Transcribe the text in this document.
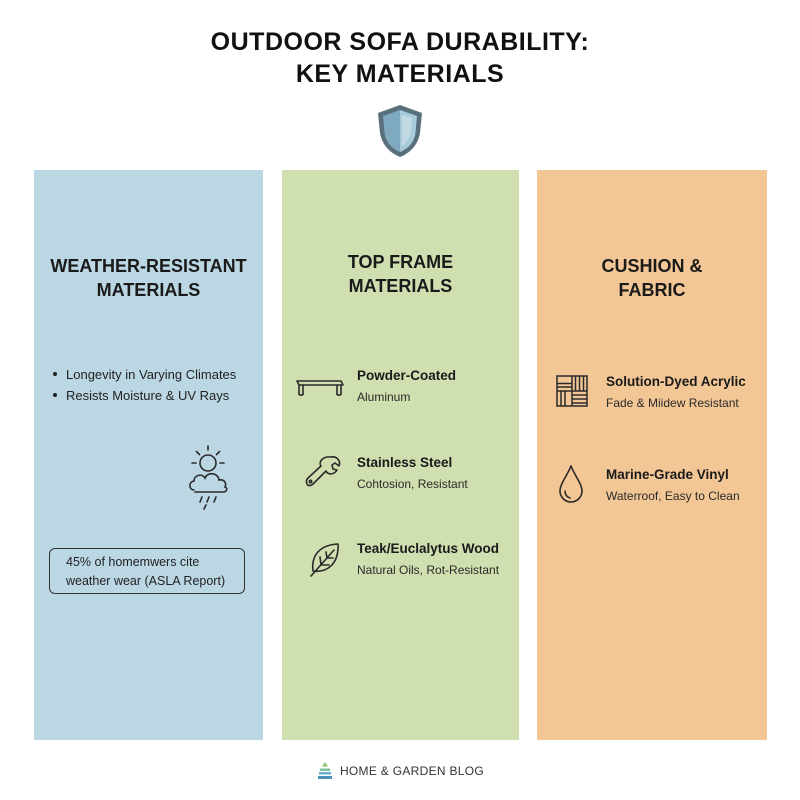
OUTDOOR SOFA DURABILITY:
KEY MATERIALS
WEATHER-RESISTANT
MATERIALS
Longevity in Varying Climates
Resists Moisture & UV Rays
45% of homemwers cite
weather wear (ASLA Report)
TOP FRAME
MATERIALS
Powder-Coated
Aluminum
Stainless Steel
Cohtosion, Resistant
Teak/Euclalytus Wood
Natural Oils, Rot-Resistant
CUSHION &
FABRIC
Solution-Dyed Acrylic
Fade & Miidew Resistant
Marine-Grade Vinyl
Waterroof, Easy to Clean
HOME & GARDEN BLOG
